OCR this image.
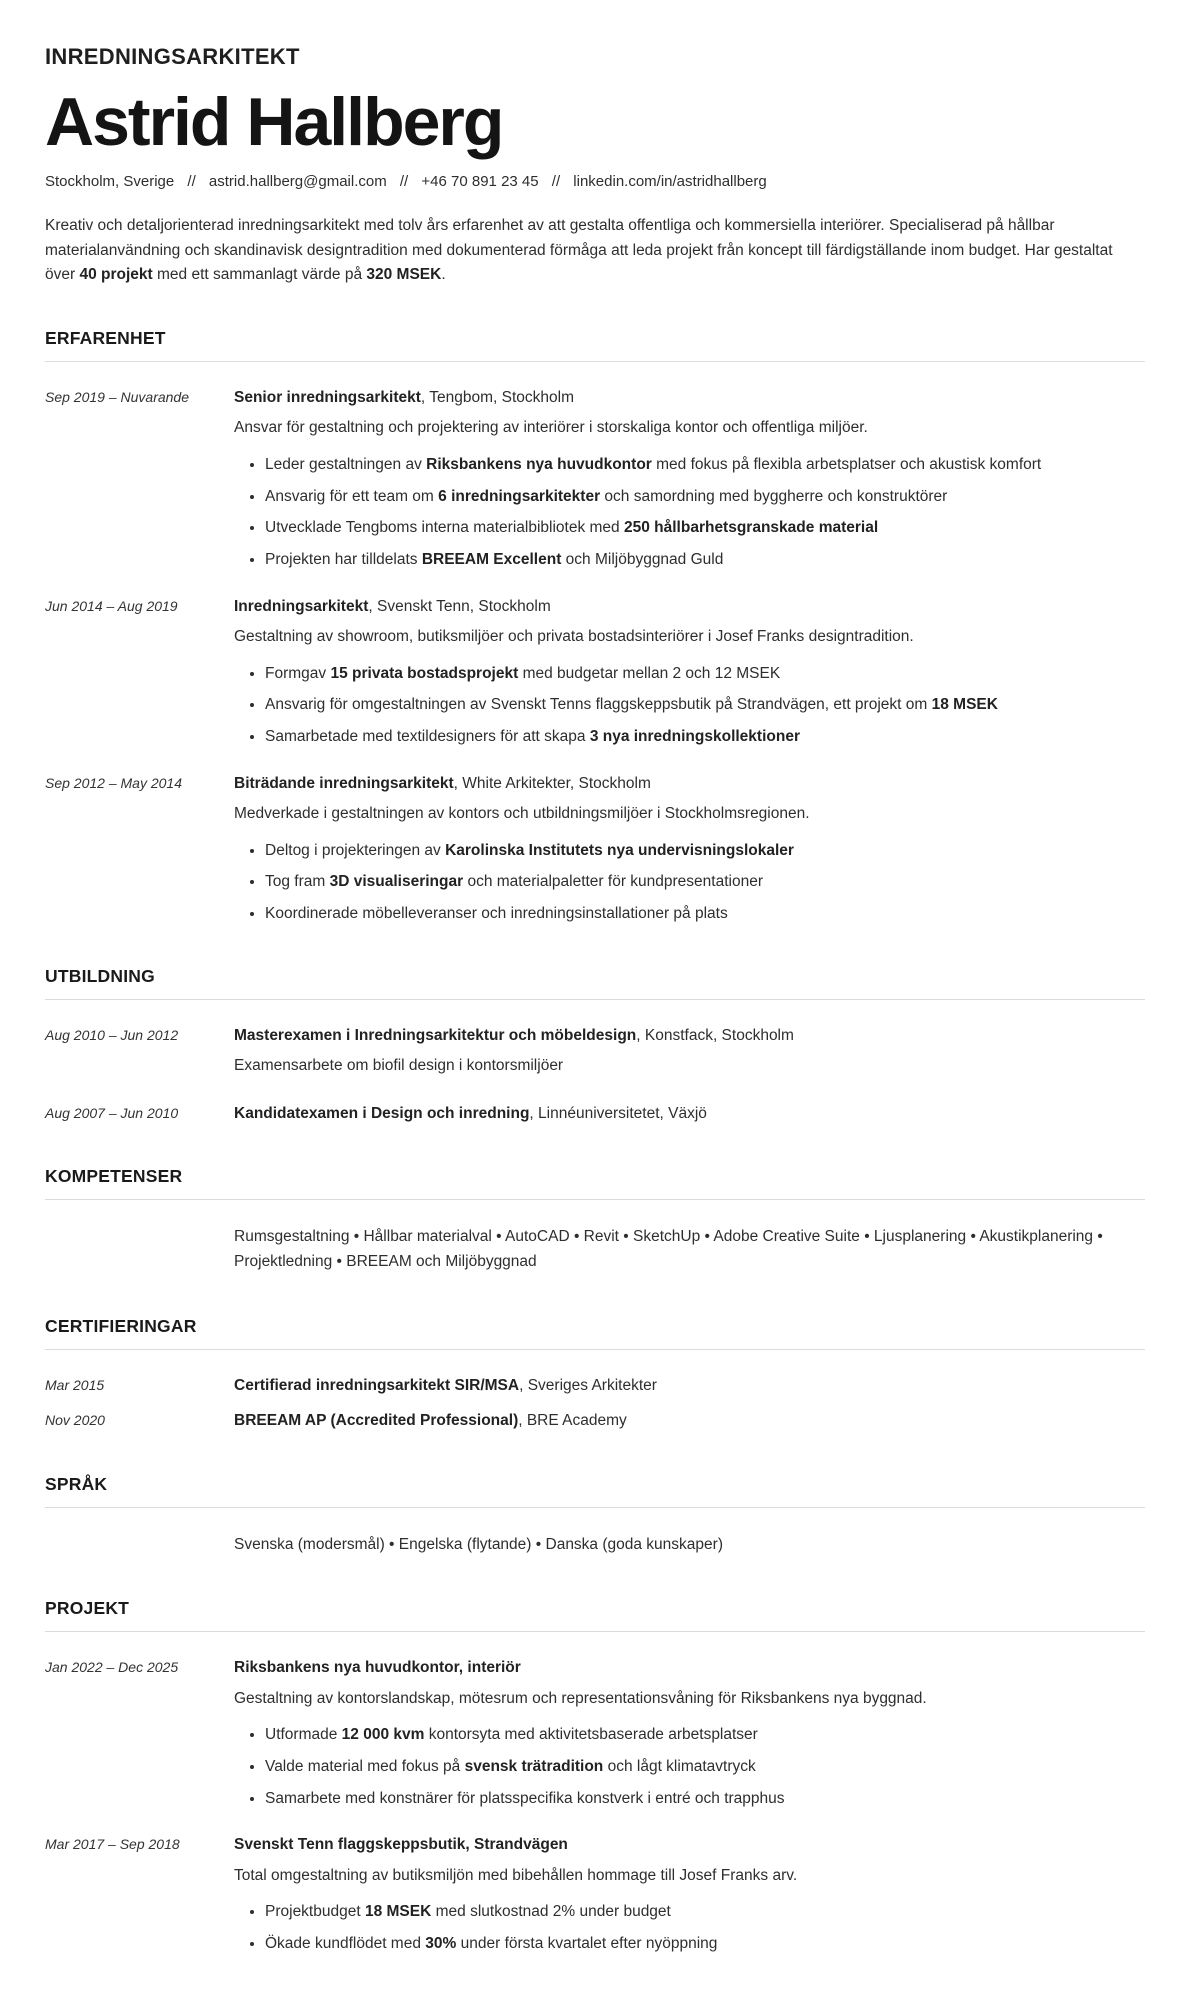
INREDNINGSARKITEKT
Astrid Hallberg
Stockholm, Sverige // astrid.hallberg@gmail.com // +46 70 891 23 45 // linkedin.com/in/astridhallberg

Kreativ och detaljorienterad inredningsarkitekt med tolv års erfarenhet av att gestalta offentliga och kommersiella interiörer. Specialiserad på hållbar materialanvändning och skandinavisk designtradition med dokumenterad förmåga att leda projekt från koncept till färdigställande inom budget. Har gestaltat över 40 projekt med ett sammanlagt värde på 320 MSEK.

ERFARENHET
Sep 2019 – Nuvarande	Senior inredningsarkitekt, Tengbom, Stockholm
Ansvar för gestaltning och projektering av interiörer i storskaliga kontor och offentliga miljöer.
• Leder gestaltningen av Riksbankens nya huvudkontor med fokus på flexibla arbetsplatser och akustisk komfort
• Ansvarig för ett team om 6 inredningsarkitekter och samordning med byggherre och konstruktörer
• Utvecklade Tengboms interna materialbibliotek med 250 hållbarhetsgranskade material
• Projekten har tilldelats BREEAM Excellent och Miljöbyggnad Guld
Jun 2014 – Aug 2019	Inredningsarkitekt, Svenskt Tenn, Stockholm
Gestaltning av showroom, butiksmiljöer och privata bostadsinteriörer i Josef Franks designtradition.
• Formgav 15 privata bostadsprojekt med budgetar mellan 2 och 12 MSEK
• Ansvarig för omgestaltningen av Svenskt Tenns flaggskeppsbutik på Strandvägen, ett projekt om 18 MSEK
• Samarbetade med textildesigners för att skapa 3 nya inredningskollektioner
Sep 2012 – May 2014	Biträdande inredningsarkitekt, White Arkitekter, Stockholm
Medverkade i gestaltningen av kontors och utbildningsmiljöer i Stockholmsregionen.
• Deltog i projekteringen av Karolinska Institutets nya undervisningslokaler
• Tog fram 3D visualiseringar och materialpaletter för kundpresentationer
• Koordinerade möbelleveranser och inredningsinstallationer på plats
UTBILDNING
Aug 2010 – Jun 2012	Masterexamen i Inredningsarkitektur och möbeldesign, Konstfack, Stockholm
Examensarbete om biofil design i kontorsmiljöer
Aug 2007 – Jun 2010	Kandidatexamen i Design och inredning, Linnéuniversitetet, Växjö
KOMPETENSER

Rumsgestaltning • Hållbar materialval • AutoCAD • Revit • SketchUp • Adobe Creative Suite • Ljusplanering • Akustikplanering • Projektledning • BREEAM och Miljöbyggnad

CERTIFIERINGAR
Mar 2015	Certifierad inredningsarkitekt SIR/MSA, Sveriges Arkitekter
Nov 2020	BREEAM AP (Accredited Professional), BRE Academy
SPRÅK

Svenska (modersmål) • Engelska (flytande) • Danska (goda kunskaper)

PROJEKT
Jan 2022 – Dec 2025	Riksbankens nya huvudkontor, interiör
Gestaltning av kontorslandskap, mötesrum och representationsvåning för Riksbankens nya byggnad.
• Utformade 12 000 kvm kontorsyta med aktivitetsbaserade arbetsplatser
• Valde material med fokus på svensk trätradition och lågt klimatavtryck
• Samarbete med konstnärer för platsspecifika konstverk i entré och trapphus
Mar 2017 – Sep 2018	Svenskt Tenn flaggskeppsbutik, Strandvägen
Total omgestaltning av butiksmiljön med bibehållen hommage till Josef Franks arv.
• Projektbudget 18 MSEK med slutkostnad 2% under budget
• Ökade kundflödet med 30% under första kvartalet efter nyöppning
